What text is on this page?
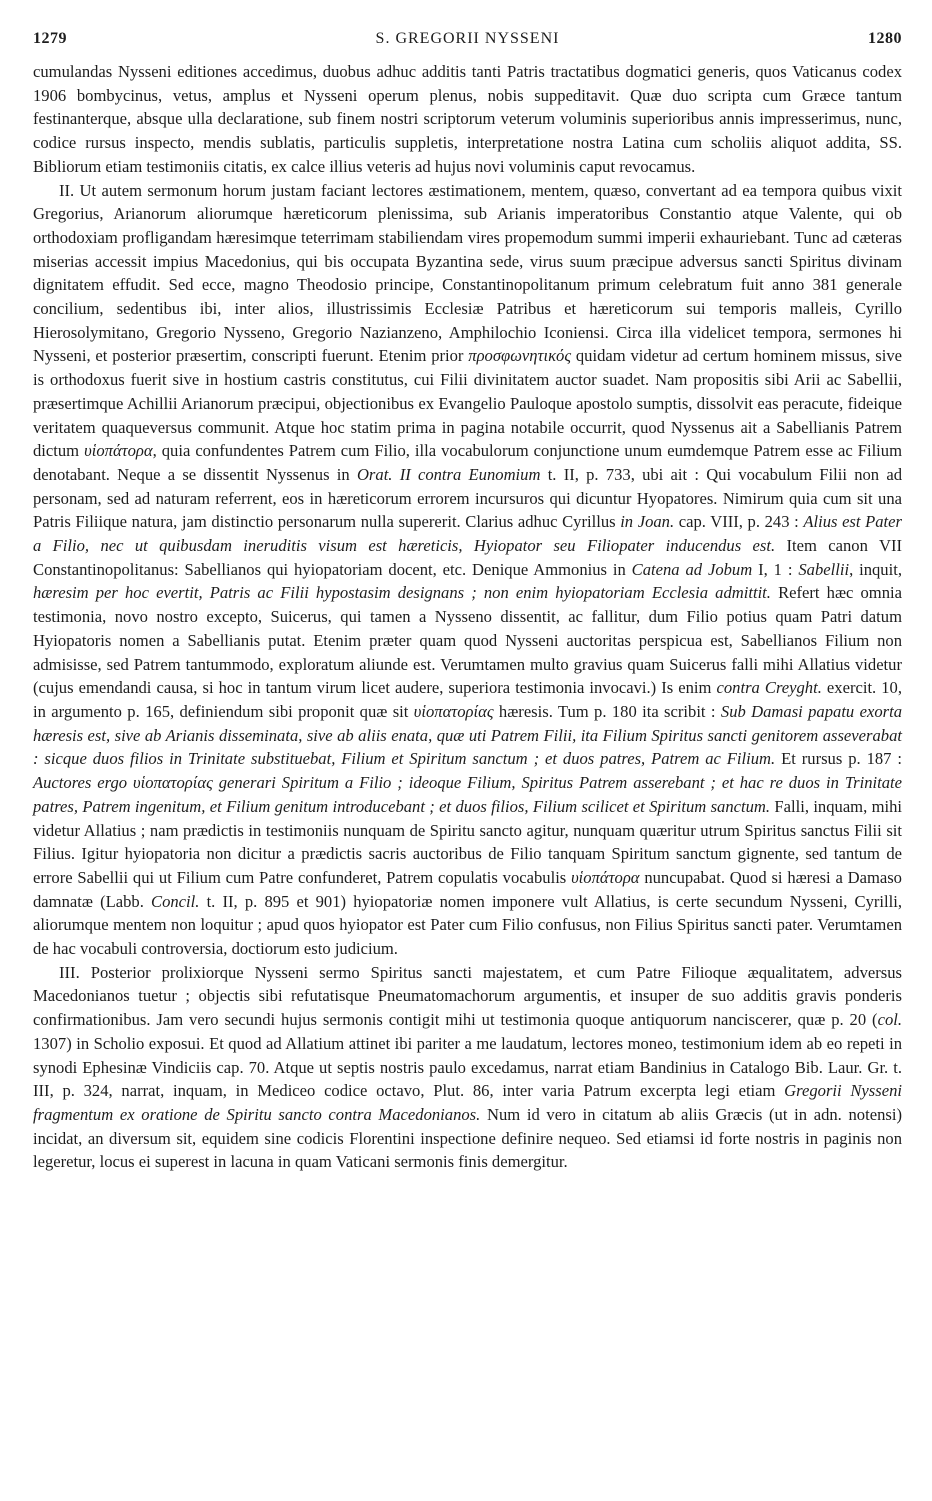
1279	S. GREGORII NYSSENI	1280

cumulandas Nysseni editiones accedimus, duobus adhuc additis tanti Patris tractatibus dogmatici generis, quos Vaticanus codex 1906 bombycinus, vetus, amplus et Nysseni operum plenus, nobis suppeditavit. Quæ duo scripta cum Græce tantum festinanterque, absque ulla declaratione, sub finem nostri scriptorum veterum voluminis superioribus annis impresserimus, nunc, codice rursus inspecto, mendis sublatis, particulis suppletis, interpretatione nostra Latina cum scholiis aliquot addita, SS. Bibliorum etiam testimoniis citatis, ex calce illius veteris ad hujus novi voluminis caput revocamus.

II. Ut autem sermonum horum justam faciant lectores æstimationem, mentem, quæso, convertant ad ea tempora quibus vixit Gregorius, Arianorum aliorumque hæreticorum plenissima, sub Arianis imperatoribus Constantio atque Valente, qui ob orthodoxiam profligandam hæresimque teterrimam stabiliendam vires propemodum summi imperii exhauriebant. Tunc ad cæteras miserias accessit impius Macedonius, qui bis occupata Byzantina sede, virus suum præcipue adversus sancti Spiritus divinam dignitatem effudit. Sed ecce, magno Theodosio principe, Constantinopolitanum primum celebratum fuit anno 381 generale concilium, sedentibus ibi, inter alios, illustrissimis Ecclesiæ Patribus et hæreticorum sui temporis malleis, Cyrillo Hierosolymitano, Gregorio Nysseno, Gregorio Nazianzeno, Amphilochio Iconiensi. Circa illa videlicet tempora, sermones hi Nysseni, et posterior præsertim, conscripti fuerunt. Etenim prior προσφωνητικός quidam videtur ad certum hominem missus, sive is orthodoxus fuerit sive in hostium castris constitutus, cui Filii divinitatem auctor suadet. Nam propositis sibi Arii ac Sabellii, præsertimque Achillii Arianorum præcipui, objectionibus ex Evangelio Pauloque apostolo sumptis, dissolvit eas peracute, fideique veritatem quaqueversus communit. Atque hoc statim prima in pagina notabile occurrit, quod Nyssenus ait a Sabellianis Patrem dictum υἱοπάτορα, quia confundentes Patrem cum Filio, illa vocabulorum conjunctione unum eumdemque Patrem esse ac Filium denotabant. Neque a se dissentit Nyssenus in Orat. II contra Eunomium t. II, p. 733, ubi ait : Qui vocabulum Filii non ad personam, sed ad naturam referrent, eos in hæreticorum errorem incursuros qui dicuntur Hyopatores. Nimirum quia cum sit una Patris Filiique natura, jam distinctio personarum nulla supererit. Clarius adhuc Cyrillus in Joan. cap. VIII, p. 243 : Alius est Pater a Filio, nec ut quibusdam ineruditis visum est hæreticis, Hyiopator seu Filiopater inducendus est. Item canon VII Constantinopolitanus: Sabellianos qui hyiopatoriam docent, etc. Denique Ammonius in Catena ad Jobum I, 1 : Sabellii, inquit, hæresim per hoc evertit, Patris ac Filii hypostasim designans ; non enim hyiopatoriam Ecclesia admittit. Refert hæc omnia testimonia, novo nostro excepto, Suicerus, qui tamen a Nysseno dissentit, ac fallitur, dum Filio potius quam Patri datum Hyiopatoris nomen a Sabellianis putat. Etenim præter quam quod Nysseni auctoritas perspicua est, Sabellianos Filium non admisisse, sed Patrem tantummodo, exploratum aliunde est. Verumtamen multo gravius quam Suicerus falli mihi Allatius videtur (cujus emendandi causa, si hoc in tantum virum licet audere, superiora testimonia invocavi.) Is enim contra Creyght. exercit. 10, in argumento p. 165, definiendum sibi proponit quæ sit υἱοπατορίας hæresis. Tum p. 180 ita scribit : Sub Damasi papatu exorta hæresis est, sive ab Arianis disseminata, sive ab aliis enata, quæ uti Patrem Filii, ita Filium Spiritus sancti genitorem asseverabat : sicque duos filios in Trinitate substituebat, Filium et Spiritum sanctum ; et duos patres, Patrem ac Filium. Et rursus p. 187 : Auctores ergo υἱοπατορίας generari Spiritum a Filio ; ideoque Filium, Spiritus Patrem asserebant ; et hac re duos in Trinitate patres, Patrem ingenitum, et Filium genitum introducebant ; et duos filios, Filium scilicet et Spiritum sanctum. Falli, inquam, mihi videtur Allatius ; nam prædictis in testimoniis nunquam de Spiritu sancto agitur, nunquam quæritur utrum Spiritus sanctus Filii sit Filius. Igitur hyiopatoria non dicitur a prædictis sacris auctoribus de Filio tanquam Spiritum sanctum gignente, sed tantum de errore Sabellii qui ut Filium cum Patre confunderet, Patrem copulatis vocabulis υἱοπάτορα nuncupabat. Quod si hæresi a Damaso damnatæ (Labb. Concil. t. II, p. 895 et 901) hyiopatoriæ nomen imponere vult Allatius, is certe secundum Nysseni, Cyrilli, aliorumque mentem non loquitur ; apud quos hyiopator est Pater cum Filio confusus, non Filius Spiritus sancti pater. Verumtamen de hac vocabuli controversia, doctiorum esto judicium.

III. Posterior prolixiorque Nysseni sermo Spiritus sancti majestatem, et cum Patre Filioque æqualitatem, adversus Macedonianos tuetur ; objectis sibi refutatisque Pneumatomachorum argumentis, et insuper de suo additis gravis ponderis confirmationibus. Jam vero secundi hujus sermonis contigit mihi ut testimonia quoque antiquorum nanciscerer, quæ p. 20 (col. 1307) in Scholio exposui. Et quod ad Allatium attinet ibi pariter a me laudatum, lectores moneo, testimonium idem ab eo repeti in synodi Ephesinæ Vindiciis cap. 70. Atque ut septis nostris paulo excedamus, narrat etiam Bandinius in Catalogo Bib. Laur. Gr. t. III, p. 324, narrat, inquam, in Mediceo codice octavo, Plut. 86, inter varia Patrum excerpta legi etiam Gregorii Nysseni fragmentum ex oratione de Spiritu sancto contra Macedonianos. Num id vero in citatum ab aliis Græcis (ut in adn. notensi) incidat, an diversum sit, equidem sine codicis Florentini inspectione definire nequeo. Sed etiamsi id forte nostris in paginis non legeretur, locus ei superest in lacuna in quam Vaticani sermonis finis demergitur.
